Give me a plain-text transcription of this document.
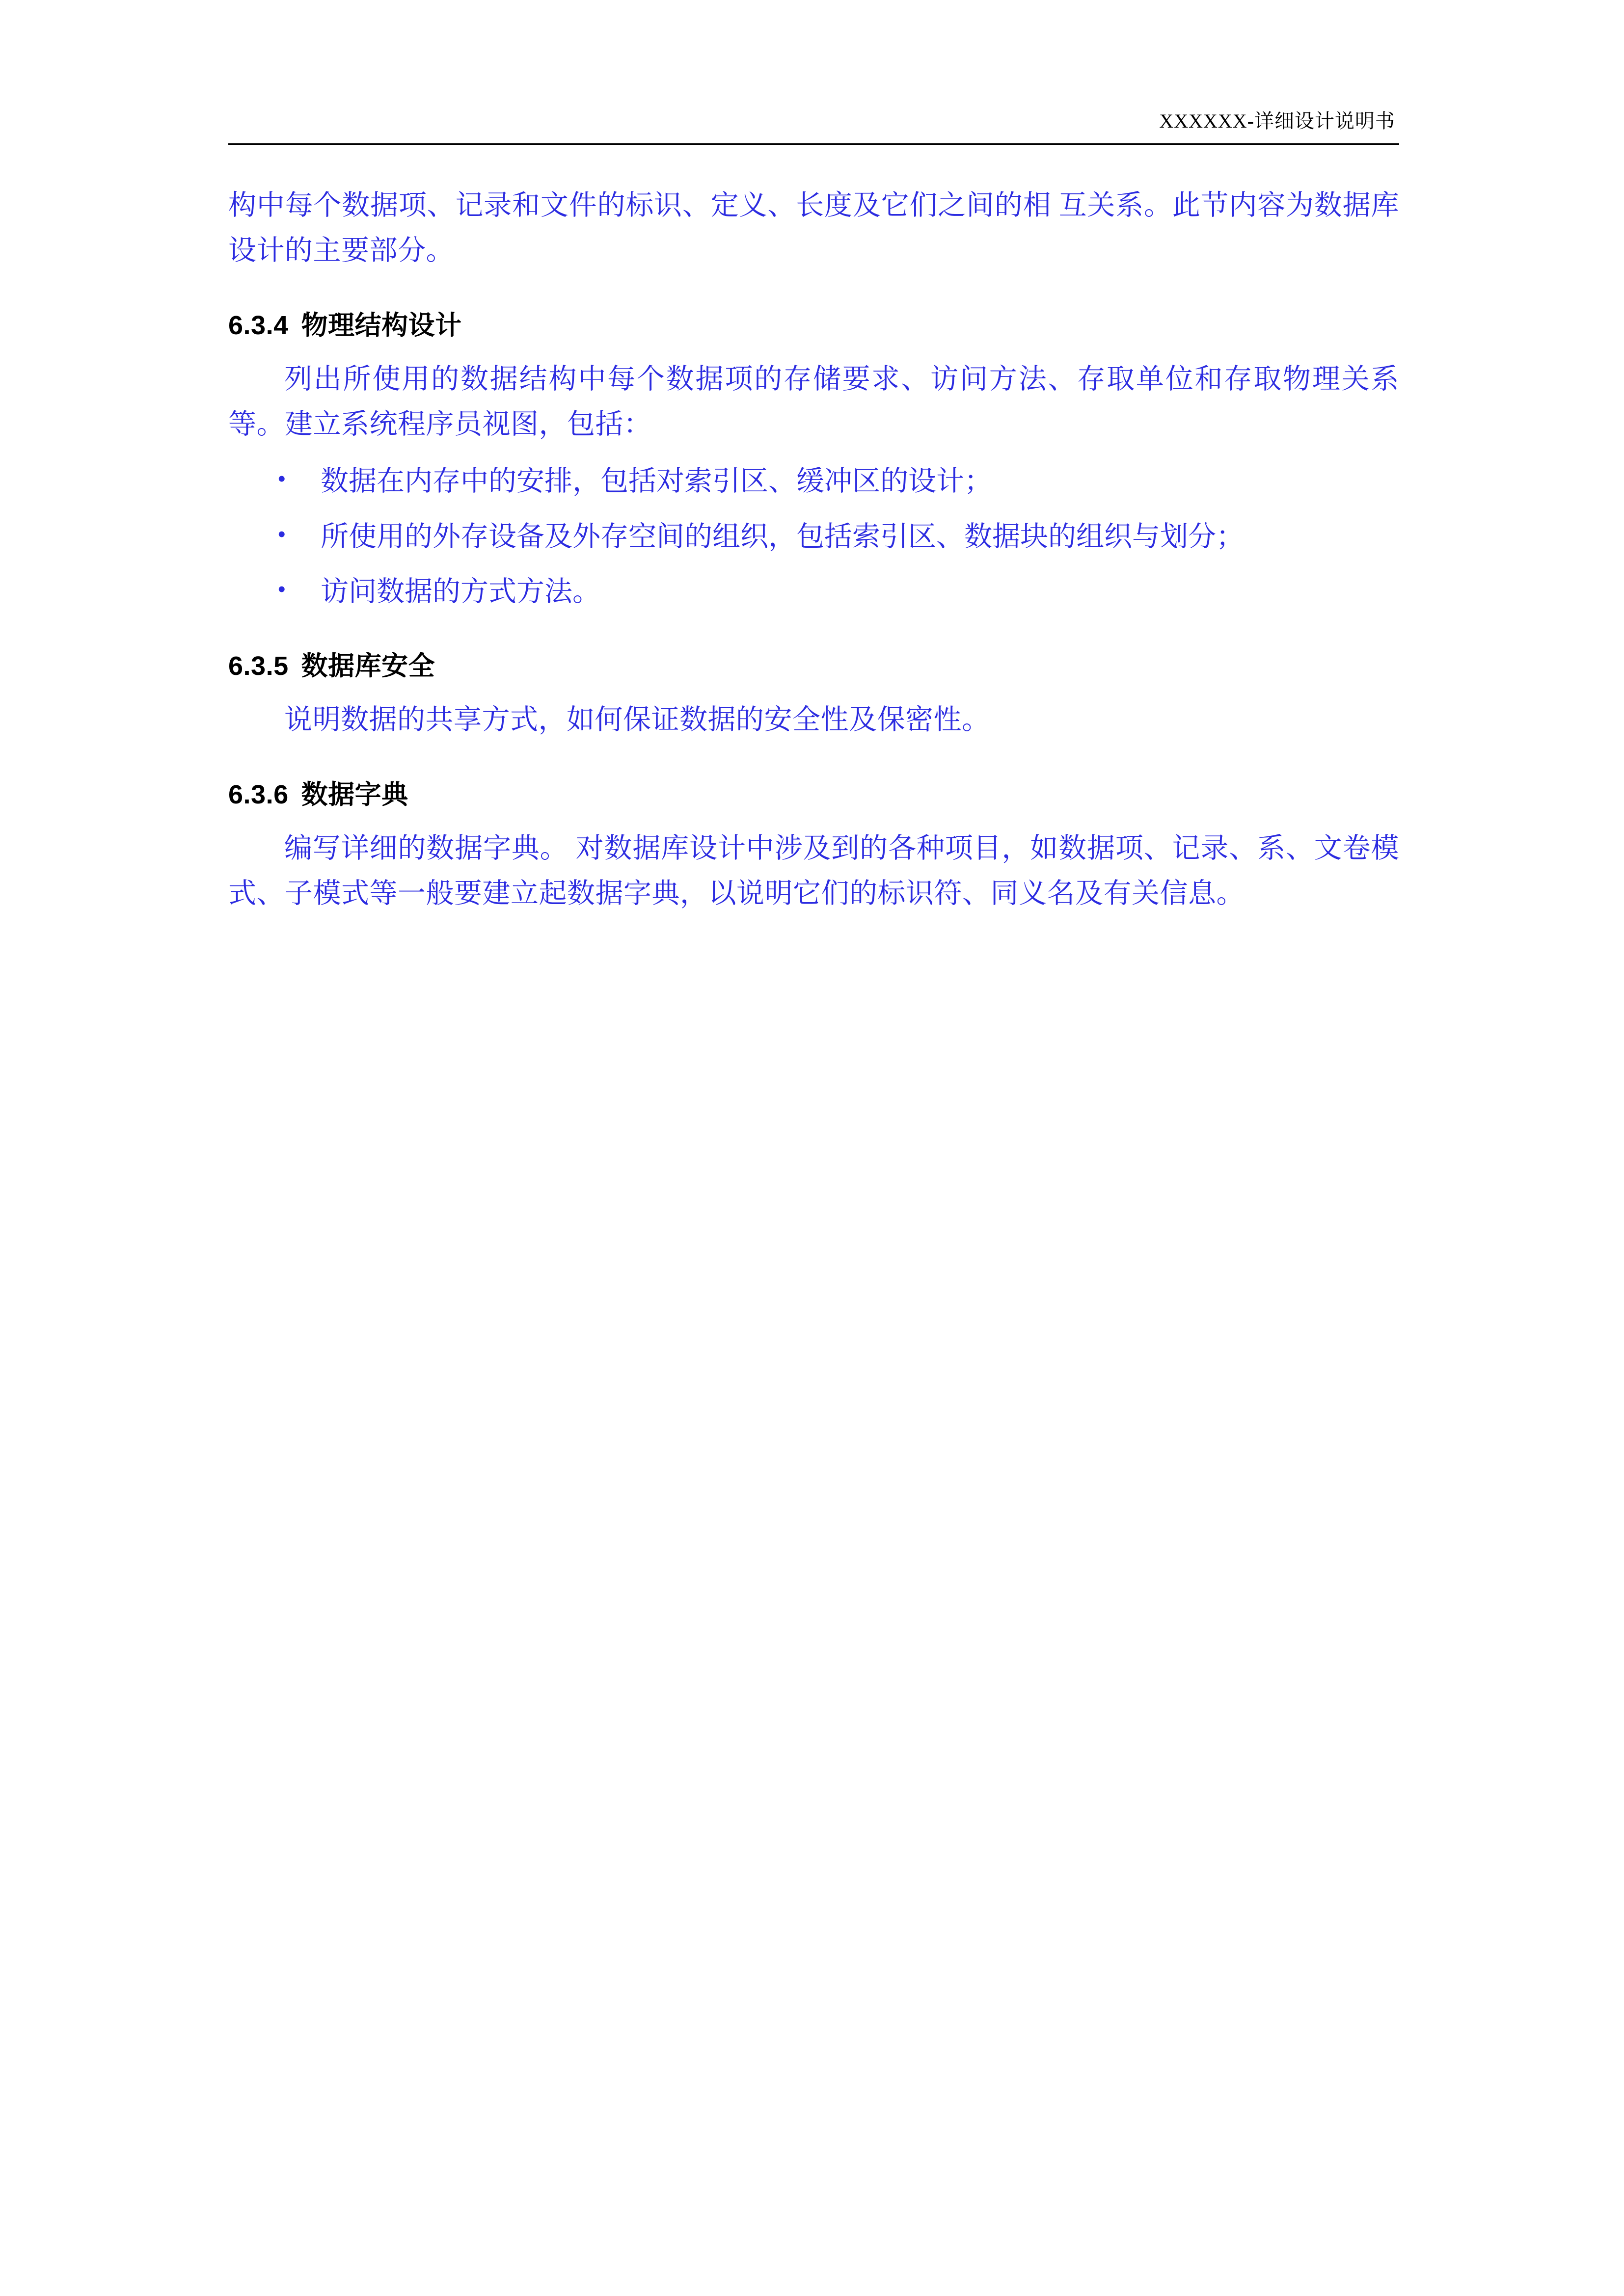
XXXXXX-详细设计说明书

构中每个数据项、记录和文件的标识、定义、长度及它们之间的相 互关系。此节内容为数据库设计的主要部分。

6.3.4 物理结构设计

列出所使用的数据结构中每个数据项的存储要求、访问方法、存取单位和存取物理关系等。建立系统程序员视图，包括：

•	数据在内存中的安排，包括对索引区、缓冲区的设计；
•	所使用的外存设备及外存空间的组织，包括索引区、数据块的组织与划分；
•	访问数据的方式方法。
6.3.5 数据库安全

说明数据的共享方式，如何保证数据的安全性及保密性。

6.3.6 数据字典

编写详细的数据字典。 对数据库设计中涉及到的各种项目，如数据项、记录、系、文卷模式、子模式等一般要建立起数据字典，以说明它们的标识符、同义名及有关信息。
